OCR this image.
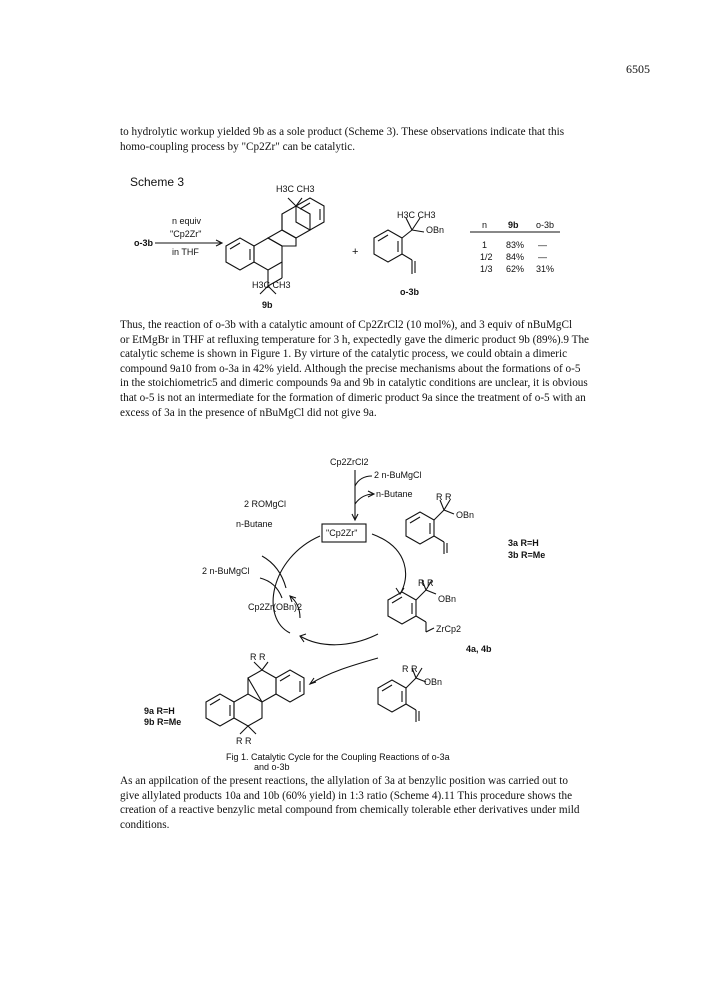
6505

to hydrolytic workup yielded 9b as a sole product (Scheme 3). These observations indicate that this

homo-coupling process by "Cp2Zr" can be catalytic.

Scheme 3
n equiv
"Cp2Zr"
o-3b
in THF
H3C CH3
H3C CH3
9b
+
H3C CH3
OBn
o-3b
n 9b o-3b
1 83% —
1/2 84% —
1/3 62% 31%

Thus, the reaction of o-3b with a catalytic amount of Cp2ZrCl2 (10 mol%), and 3 equiv of nBuMgCl

or EtMgBr in THF at refluxing temperature for 3 h, expectedly gave the dimeric product 9b (89%).9 The

catalytic scheme is shown in Figure 1. By virture of the catalytic process, we could obtain a dimeric

compound 9a10 from o-3a in 42% yield. Although the precise mechanisms about the formations of o-5

in the stoichiometric5 and dimeric compounds 9a and 9b in catalytic conditions are unclear, it is obvious

that o-5 is not an intermediate for the formation of dimeric product 9a since the treatment of o-5 with an

excess of 3a in the presence of nBuMgCl did not give 9a.

Cp2ZrCl2
2 n-BuMgCl
n-Butane
"Cp2Zr"
2 ROMgCl
n-Butane
2 n-BuMgCl
Cp2Zr(OBn)2
R R
OBn
3a R=H
3b R=Me
R R
OBn
ZrCp2
4a, 4b
R R
OBn
R R
R R
9a R=H
9b R=Me
Fig 1. Catalytic Cycle for the Coupling Reactions of o-3a
and o-3b

As an appilcation of the present reactions, the allylation of 3a at benzylic position was carried out to

give allylated products 10a and 10b (60% yield) in 1:3 ratio (Scheme 4).11 This procedure shows the

creation of a reactive benzylic metal compound from chemically tolerable ether derivatives under mild

conditions.
